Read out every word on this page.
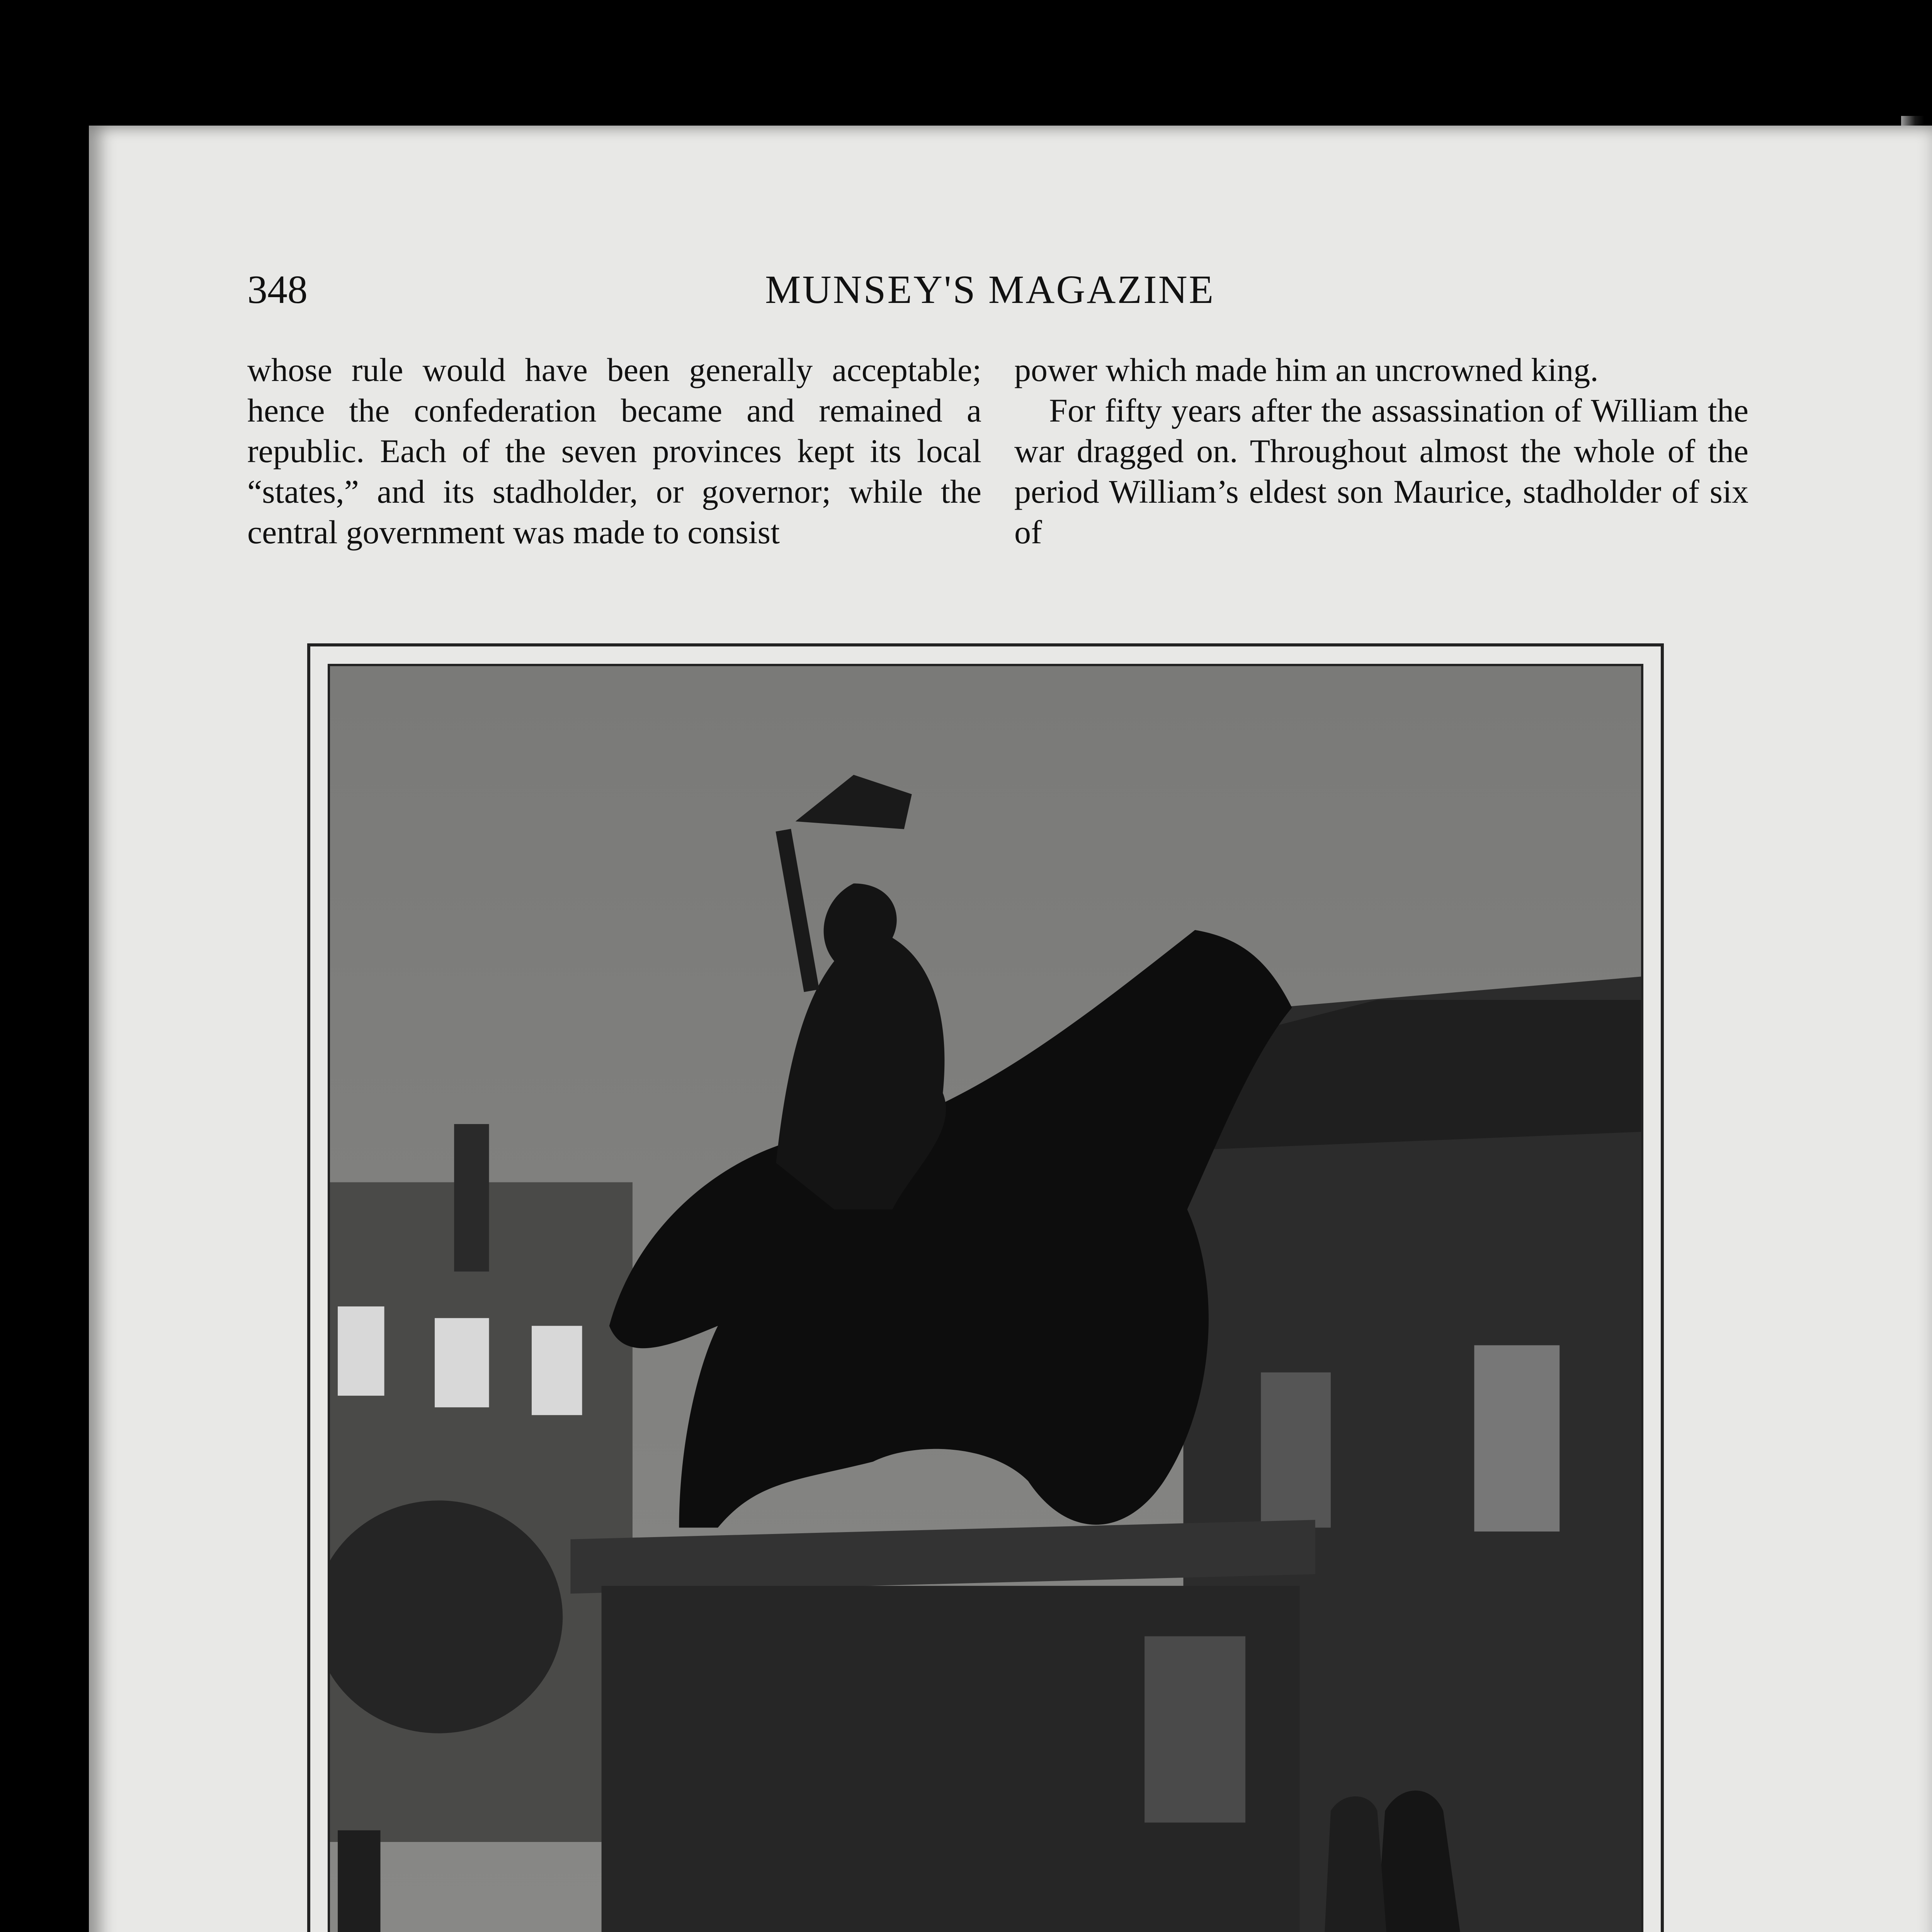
348	MUNSEY'S MAGAZINE

whose rule would have been generally acceptable; hence the confederation became and remained a republic. Each of the seven provinces kept its local “states,” and its stadholder, or governor; while the central government was made to consist

power which made him an uncrowned king.

For fifty years after the assassination of William the war dragged on. Throughout almost the whole of the period William’s eldest son Maurice, stadholder of six of
